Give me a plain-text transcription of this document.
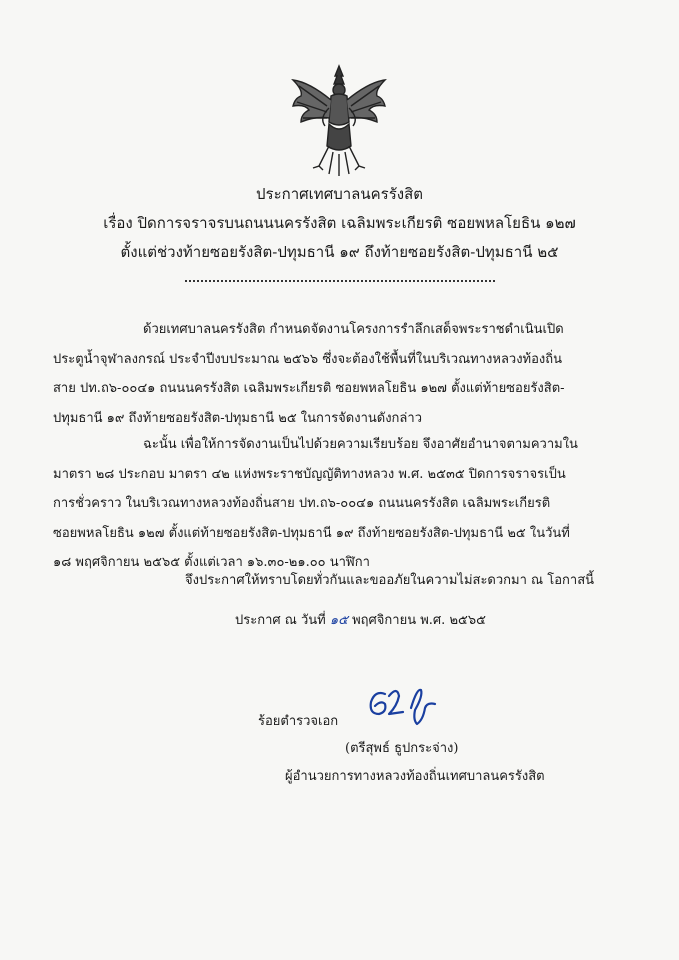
ประกาศเทศบาลนครรังสิต
เรื่อง ปิดการจราจรบนถนนนครรังสิต เฉลิมพระเกียรติ ซอยพหลโยธิน ๑๒๗
ตั้งแต่ช่วงท้ายซอยรังสิต-ปทุมธานี ๑๙ ถึงท้ายซอยรังสิต-ปทุมธานี ๒๕
ด้วยเทศบาลนครรังสิต กำหนดจัดงานโครงการรำลึกเสด็จพระราชดำเนินเปิด
ประตูน้ำจุฬาลงกรณ์ ประจำปีงบประมาณ ๒๕๖๖ ซึ่งจะต้องใช้พื้นที่ในบริเวณทางหลวงท้องถิ่น
สาย ปท.ถ๖-๐๐๔๑ ถนนนครรังสิต เฉลิมพระเกียรติ ซอยพหลโยธิน ๑๒๗ ตั้งแต่ท้ายซอยรังสิต-
ปทุมธานี ๑๙ ถึงท้ายซอยรังสิต-ปทุมธานี ๒๕ ในการจัดงานดังกล่าว
ฉะนั้น เพื่อให้การจัดงานเป็นไปด้วยความเรียบร้อย จึงอาศัยอำนาจตามความใน
มาตรา ๒๘ ประกอบ มาตรา ๔๒ แห่งพระราชบัญญัติทางหลวง พ.ศ. ๒๕๓๕ ปิดการจราจรเป็น
การชั่วคราว ในบริเวณทางหลวงท้องถิ่นสาย ปท.ถ๖-๐๐๔๑ ถนนนครรังสิต เฉลิมพระเกียรติ
ซอยพหลโยธิน ๑๒๗ ตั้งแต่ท้ายซอยรังสิต-ปทุมธานี ๑๙ ถึงท้ายซอยรังสิต-ปทุมธานี ๒๕ ในวันที่
๑๘ พฤศจิกายน ๒๕๖๕ ตั้งแต่เวลา ๑๖.๓๐-๒๑.๐๐ นาฬิกา
จึงประกาศให้ทราบโดยทั่วกันและขออภัยในความไม่สะดวกมา ณ โอกาสนี้
ประกาศ ณ วันที่ ๑๕ พฤศจิกายน พ.ศ. ๒๕๖๕
ร้อยตำรวจเอก
(ตรีสุพธ์ ธูปกระจ่าง)
ผู้อำนวยการทางหลวงท้องถิ่นเทศบาลนครรังสิต
